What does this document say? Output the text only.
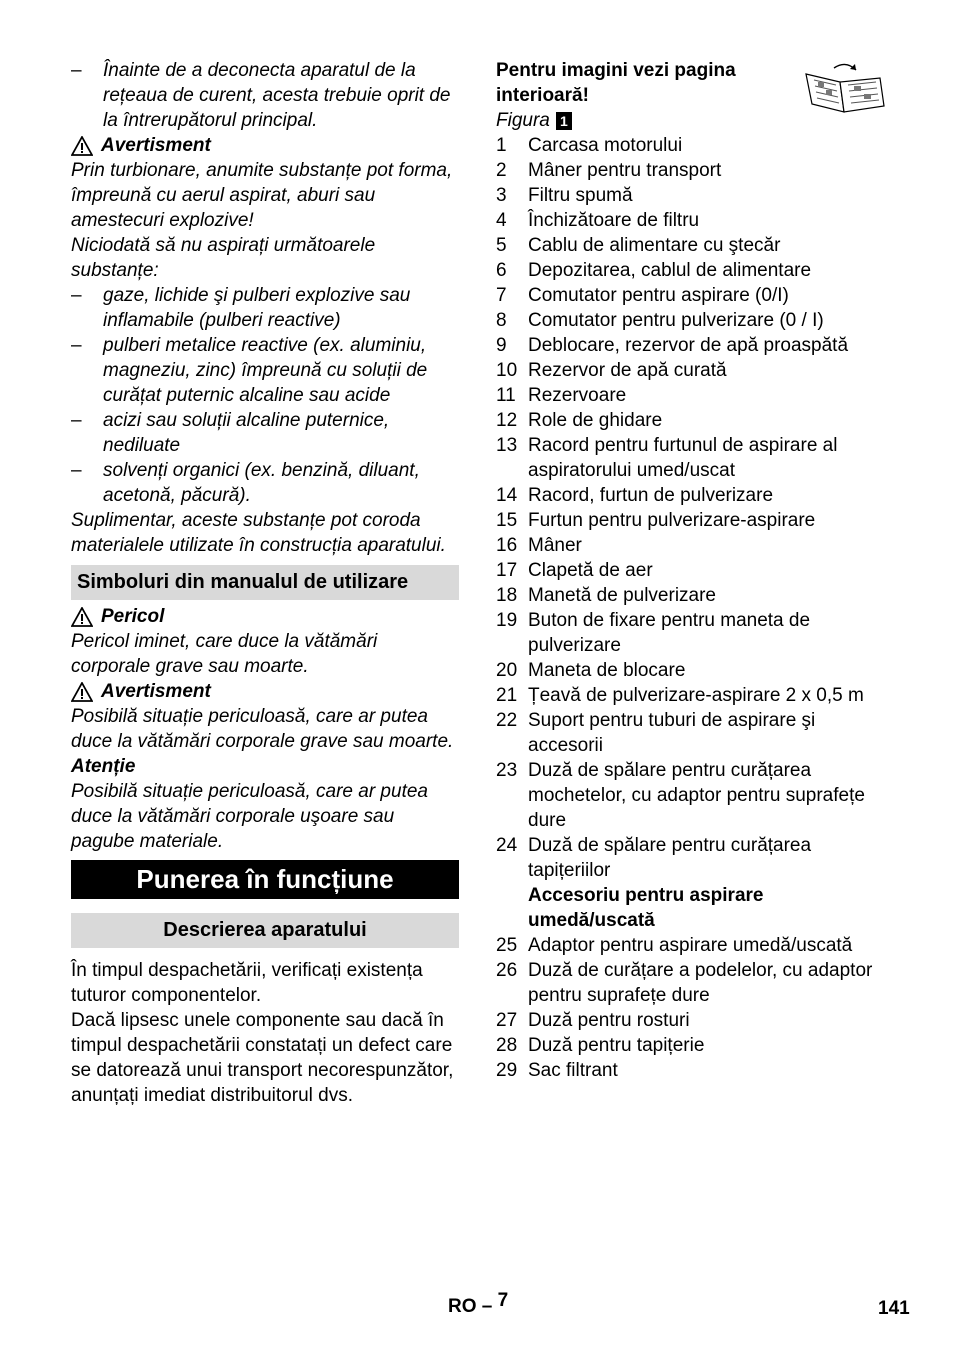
– Înainte de a deconecta aparatul de la rețeaua de curent, acesta trebuie oprit de la întrerupătorul principal.
Avertisment

Prin turbionare, anumite substanțe pot forma, împreună cu aerul aspirat, aburi sau amestecuri explozive!

Niciodată să nu aspirați următoarele substanțe:

– gaze, lichide şi pulberi explozive sau inflamabile (pulberi reactive)
– pulberi metalice reactive (ex. aluminiu, magneziu, zinc) împreună cu soluții de curățat puternic alcaline sau acide
– acizi sau soluții alcaline puternice, nediluate
– solvenți organici (ex. benzină, diluant, acetonă, păcură).

Suplimentar, aceste substanțe pot coroda materialele utilizate în construcția aparatului.

Simboluri din manualul de utilizare
Pericol

Pericol iminet, care duce la vătămări corporale grave sau moarte.

Avertisment

Posibilă situație periculoasă, care ar putea duce la vătămări corporale grave sau moarte.

Atenție

Posibilă situație periculoasă, care ar putea duce la vătămări corporale uşoare sau pagube materiale.

Punerea în funcțiune
Descrierea aparatului

În timpul despachetării, verificați existența tuturor componentelor.

Dacă lipsesc unele componente sau dacă în timpul despachetării constatați un defect care se datorează unui transport necorespunzător, anunțați imediat distribuitorul dvs.

Pentru imagini vezi pagina interioară!
Figura 1
1	Carcasa motorului
2	Mâner pentru transport
3	Filtru spumă
4	Închizătoare de filtru
5	Cablu de alimentare cu ştecăr
6	Depozitarea, cablul de alimentare
7	Comutator pentru aspirare (0/I)
8	Comutator pentru pulverizare (0 / I)
9	Deblocare, rezervor de apă proaspătă
10 Rezervor de apă curată
11 Rezervoare
12 Role de ghidare
13 Racord pentru furtunul de aspirare al aspiratorului umed/uscat
14 Racord, furtun de pulverizare
15 Furtun pentru pulverizare-aspirare
16 Mâner
17 Clapetă de aer
18 Manetă de pulverizare
19 Buton de fixare pentru maneta de pulverizare
20 Maneta de blocare
21 Țeavă de pulverizare-aspirare 2 x 0,5 m
22 Suport pentru tuburi de aspirare şi accesorii
23 Duză de spălare pentru curățarea mochetelor, cu adaptor pentru suprafețe dure
24 Duză de spălare pentru curățarea tapițeriilor
Accesoriu pentru aspirare umedă/uscată
25 Adaptor pentru aspirare umedă/uscată
26 Duză de curățare a podelelor, cu adaptor pentru suprafețe dure
27 Duză pentru rosturi
28 Duză pentru tapițerie
29 Sac filtrant
RO – 7	141
